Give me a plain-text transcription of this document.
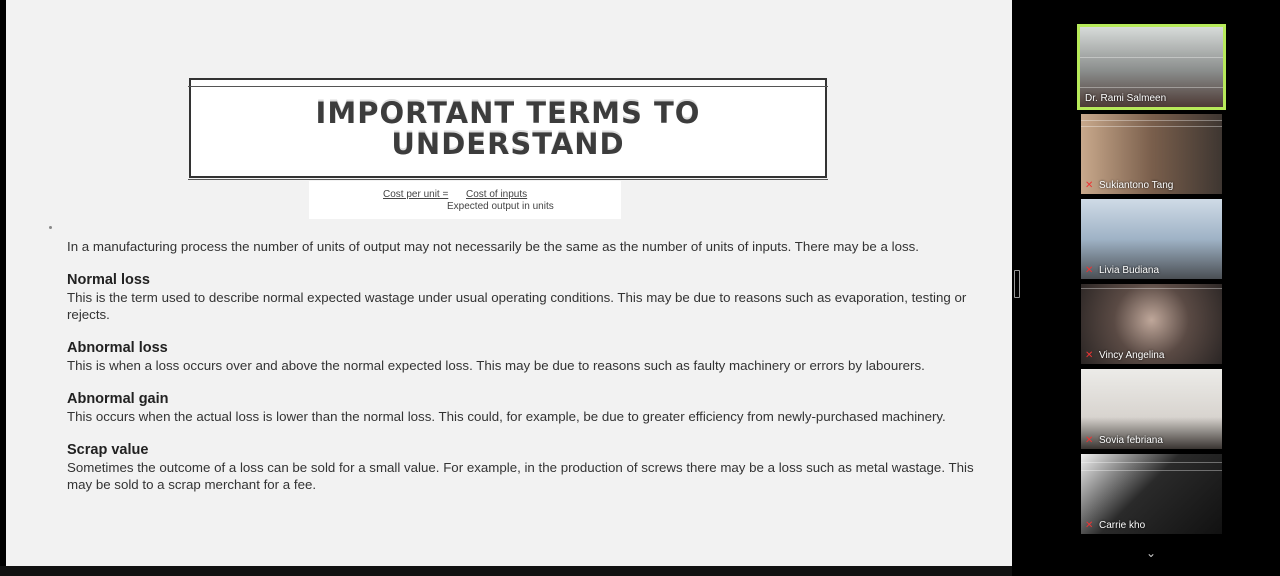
IMPORTANT TERMS TO
UNDERSTAND
Cost per unit = Cost of inputs
Expected output in units

In a manufacturing process the number of units of output may not necessarily be the same as the number of units of inputs. There may be a loss.

Normal loss

This is the term used to describe normal expected wastage under usual operating conditions. This may be due to reasons such as evaporation, testing or rejects.

Abnormal loss

This is when a loss occurs over and above the normal expected loss. This may be due to reasons such as faulty machinery or errors by labourers.

Abnormal gain

This occurs when the actual loss is lower than the normal loss. This could, for example, be due to greater efficiency from newly-purchased machinery.

Scrap value

Sometimes the outcome of a loss can be sold for a small value. For example, in the production of screws there may be a loss such as metal wastage. This may be sold to a scrap merchant for a fee.

Dr. Rami Salmeen
✕ Sukiantono Tang
✕ Livia Budiana
✕ Vincy Angelina
✕ Sovia febriana
✕ Carrie kho
⌄
